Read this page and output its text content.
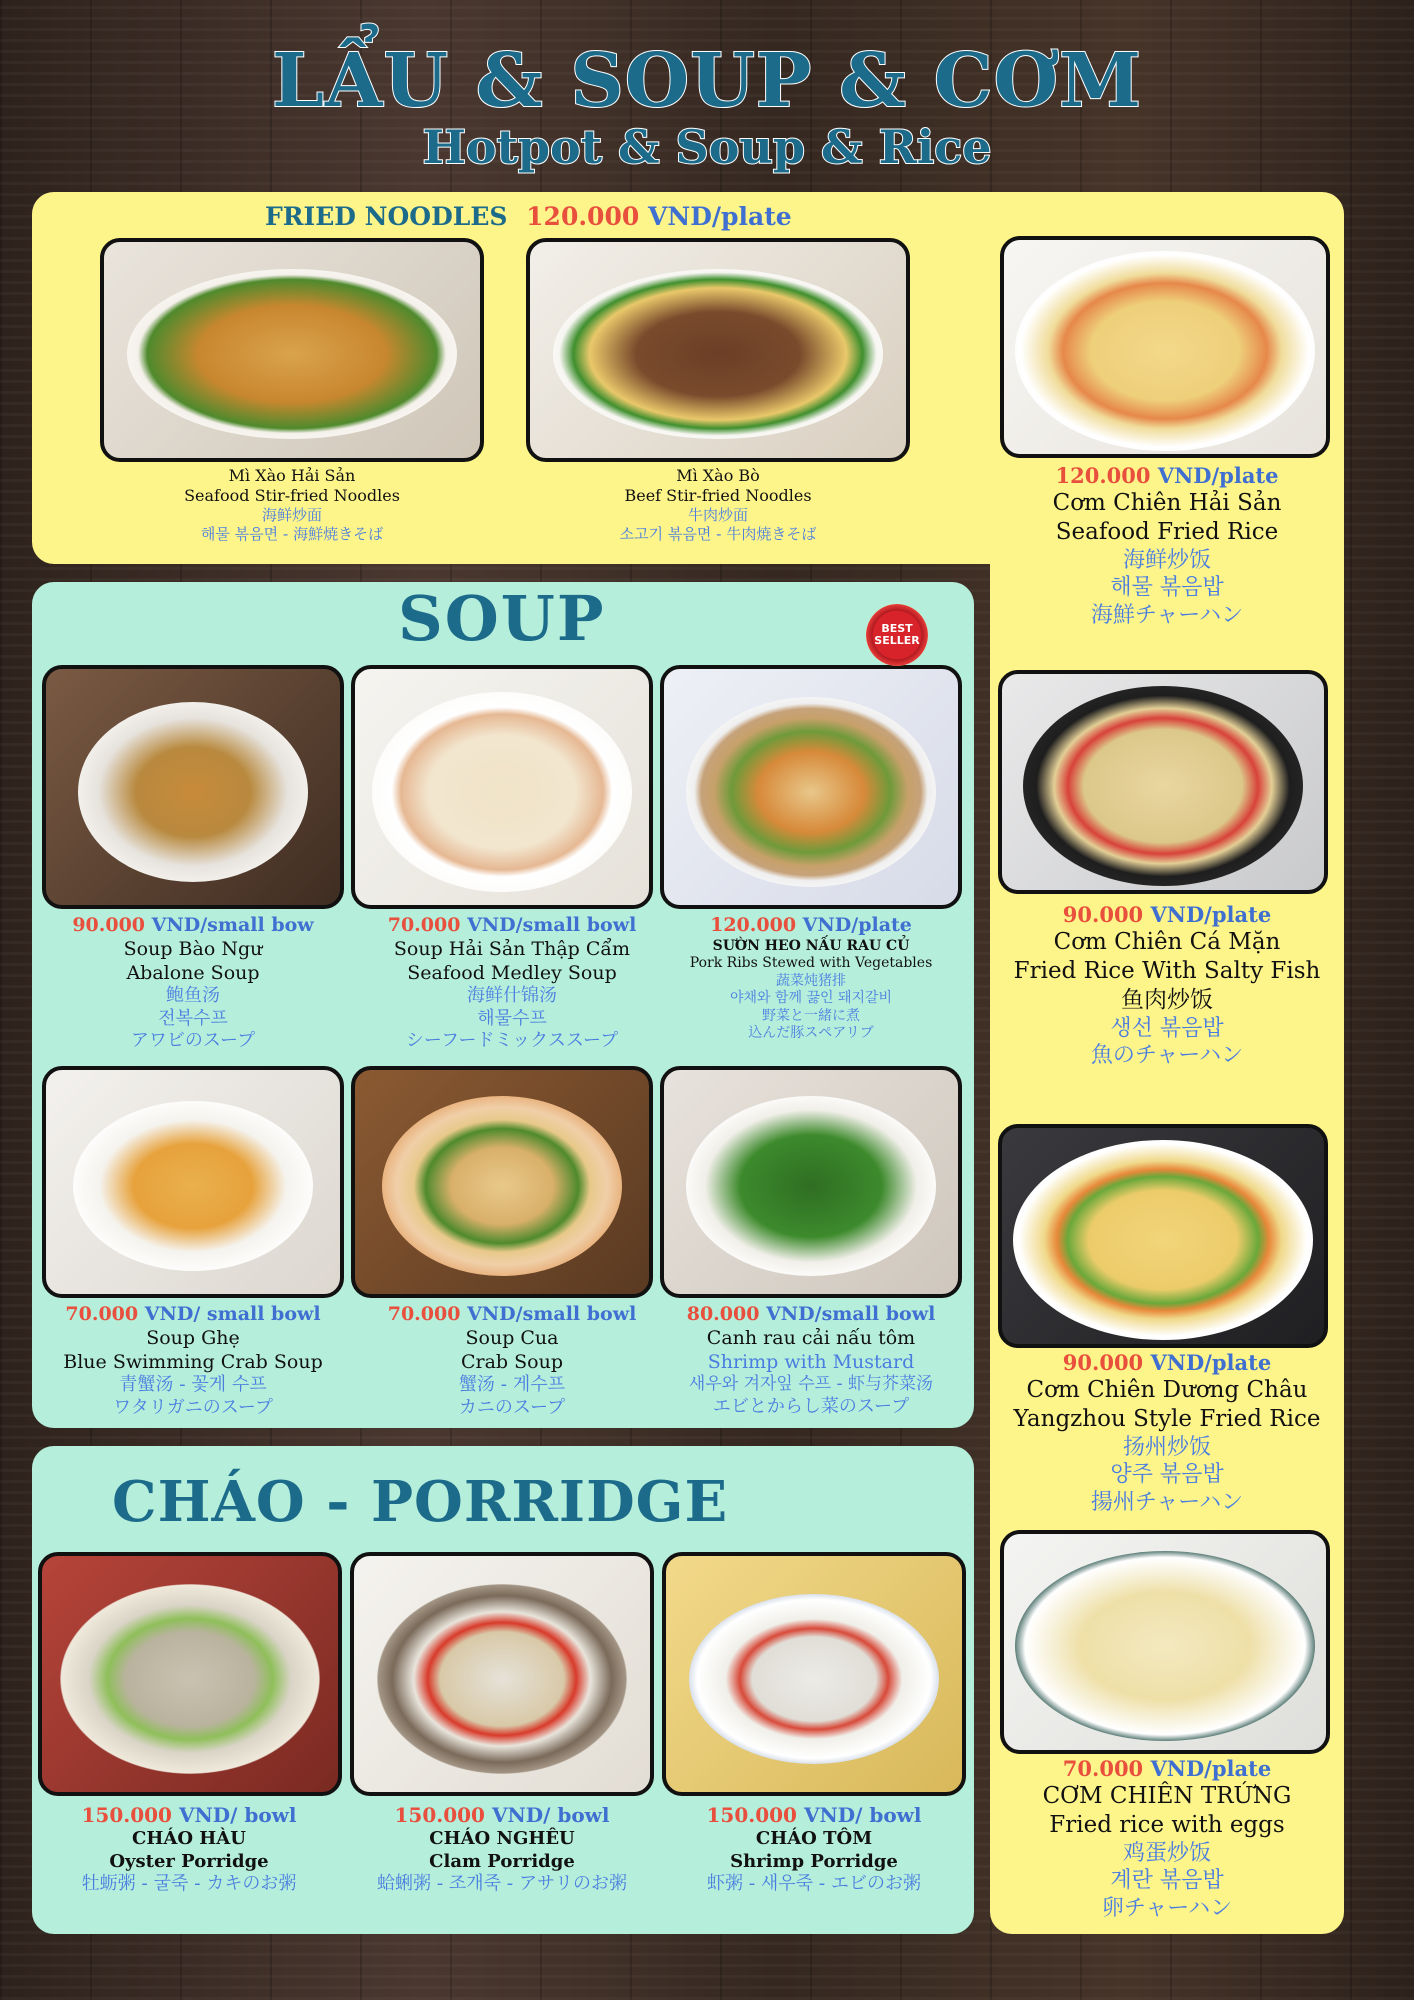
LẨU & SOUP & CƠM
Hotpot & Soup & Rice
FRIED NOODLES 120.000 VND/plate
Mì Xào Hải Sản
Seafood Stir-fried Noodles
海鲜炒面
해물 볶음면 - 海鮮焼きそば
Mì Xào Bò
Beef Stir-fried Noodles
牛肉炒面
소고기 볶음면 - 牛肉焼きそば
SOUP	BEST
SELLER
90.000 VND/small bow
Soup Bào Ngư
Abalone Soup
鲍鱼汤
전복수프
アワビのスープ
70.000 VND/small bowl
Soup Hải Sản Thập Cẩm
Seafood Medley Soup
海鲜什锦汤
해물수프
シーフードミックススープ
120.000 VND/plate
SƯỜN HEO NẤU RAU CỦ
Pork Ribs Stewed with Vegetables
蔬菜炖猪排
야채와 함께 끓인 돼지갈비
野菜と一緒に煮
込んだ豚スペアリブ
70.000 VND/ small bowl
Soup Ghẹ
Blue Swimming Crab Soup
青蟹汤 - 꽃게 수프
ワタリガニのスープ
70.000 VND/small bowl
Soup Cua
Crab Soup
蟹汤 - 게수프
カニのスープ
80.000 VND/small bowl
Canh rau cải nấu tôm
Shrimp with Mustard
새우와 겨자잎 수프 - 虾与芥菜汤
エビとからし菜のスープ
CHÁO - PORRIDGE
150.000 VND/ bowl
CHÁO HÀU
Oyster Porridge
牡蛎粥 - 굴죽 - カキのお粥
150.000 VND/ bowl
CHÁO NGHÊU
Clam Porridge
蛤蜊粥 - 조개죽 - アサリのお粥
150.000 VND/ bowl
CHÁO TÔM
Shrimp Porridge
虾粥 - 새우죽 - エビのお粥
120.000 VND/plate
Cơm Chiên Hải Sản
Seafood Fried Rice
海鲜炒饭
해물 볶음밥
海鮮チャーハン
90.000 VND/plate
Cơm Chiên Cá Mặn
Fried Rice With Salty Fish
鱼肉炒饭
생선 볶음밥
魚のチャーハン
90.000 VND/plate
Cơm Chiên Dương Châu
Yangzhou Style Fried Rice
扬州炒饭
양주 볶음밥
揚州チャーハン
70.000 VND/plate
CƠM CHIÊN TRỨNG
Fried rice with eggs
鸡蛋炒饭
계란 볶음밥
卵チャーハン
